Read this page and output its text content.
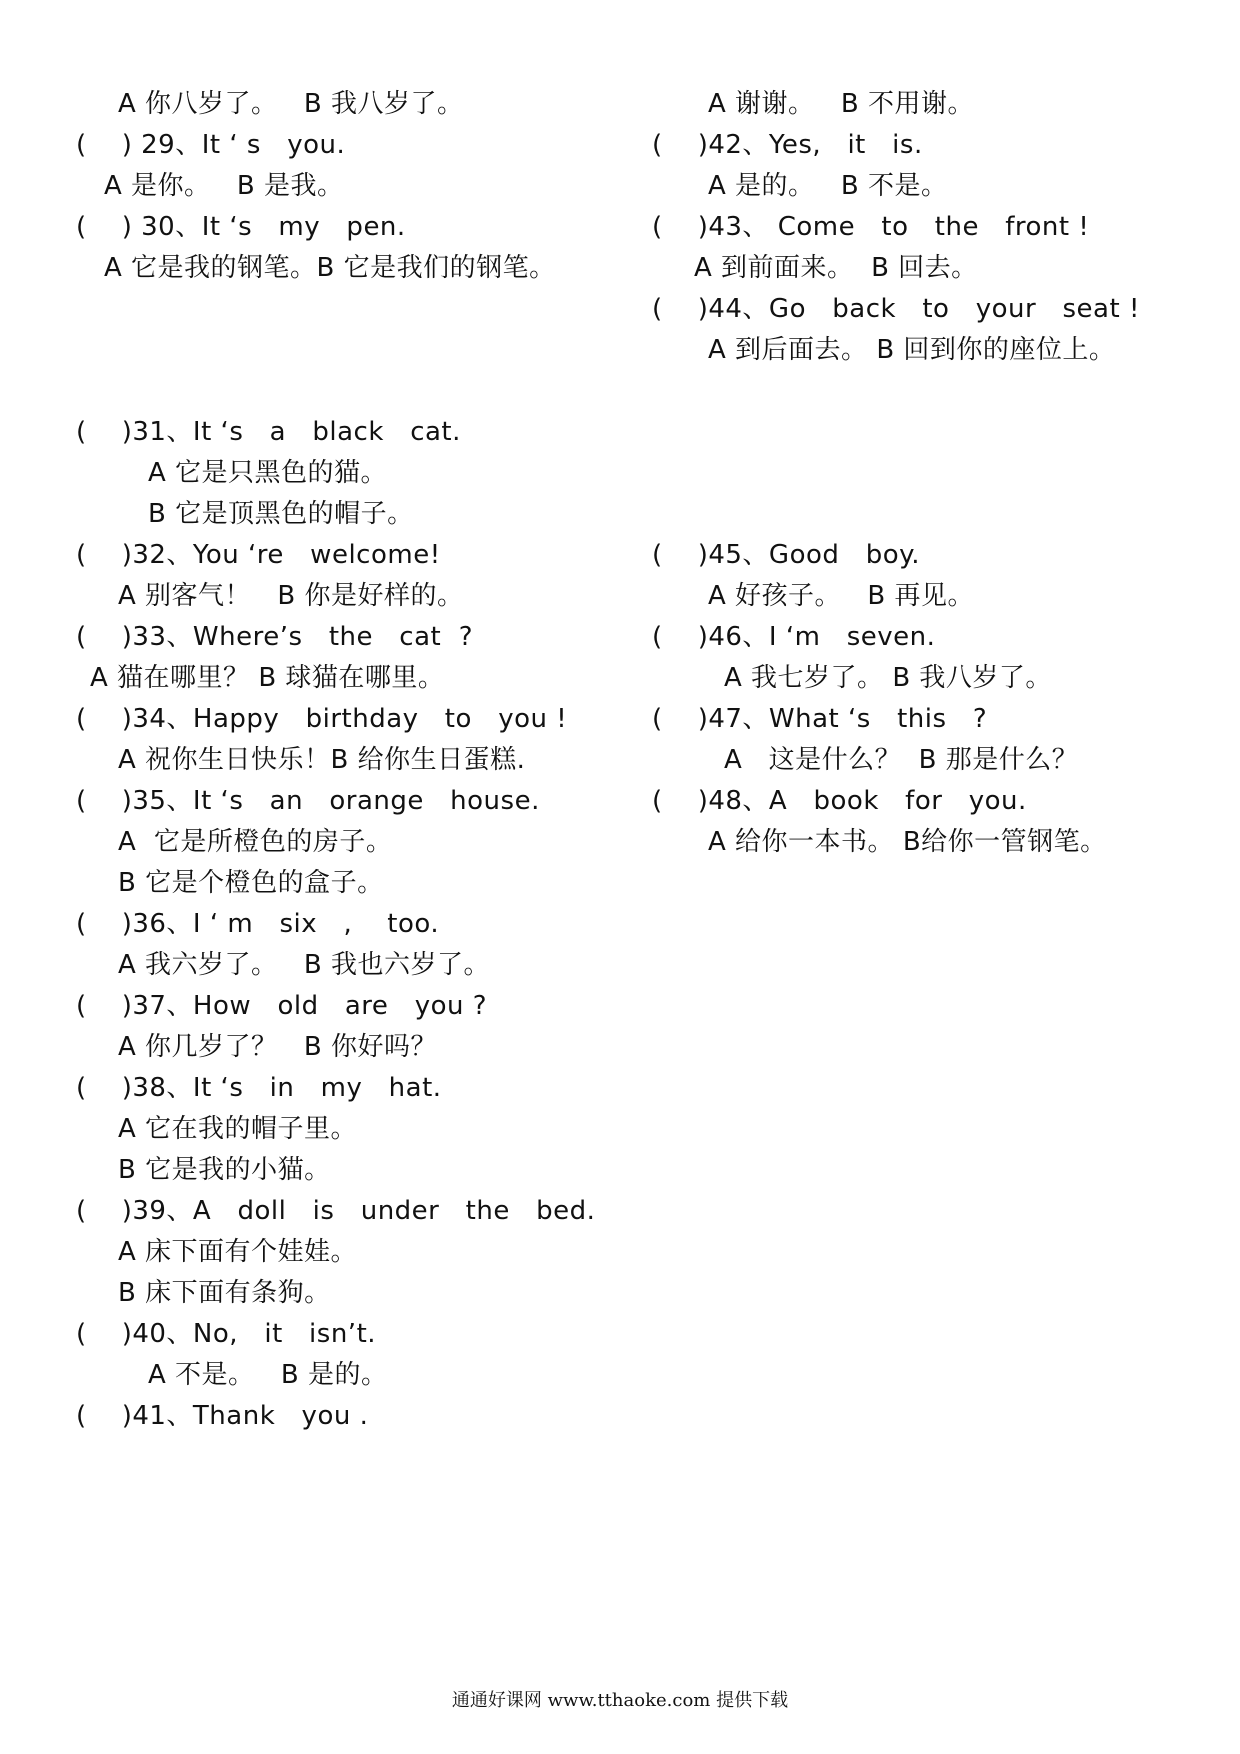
A 你八岁了。   B 我八岁了。
(    ) 29、It ‘ s   you.
A 是你。   B 是我。
(    ) 30、It ‘s   my   pen.
A 它是我的钢笔。B 它是我们的钢笔。
(    )31、It ‘s   a   black   cat.
A 它是只黑色的猫。
B 它是顶黑色的帽子。
(    )32、You ‘re   welcome!
A 别客气！   B 你是好样的。
(    )33、Where’s   the   cat  ?
A 猫在哪里？ B 球猫在哪里。
(    )34、Happy   birthday   to   you !
A 祝你生日快乐！B 给你生日蛋糕.
(    )35、It ‘s   an   orange   house.
A  它是所橙色的房子。
B 它是个橙色的盒子。
(    )36、I ‘ m   six   ,    too.
A 我六岁了。   B 我也六岁了。
(    )37、How   old   are   you ?
A 你几岁了？   B 你好吗？
(    )38、It ‘s   in   my   hat.
A 它在我的帽子里。
B 它是我的小猫。
(    )39、A   doll   is   under   the   bed.
A 床下面有个娃娃。
B 床下面有条狗。
(    )40、No,   it   isn’t.
A 不是。   B 是的。
(    )41、Thank   you .
A 谢谢。   B 不用谢。
(    )42、Yes,   it   is.
A 是的。   B 不是。
(    )43、 Come   to   the   front !
A 到前面来。  B 回去。
(    )44、Go   back   to   your   seat !
A 到后面去。 B 回到你的座位上。
(    )45、Good   boy.
A 好孩子。   B 再见。
(    )46、I ‘m   seven.
A 我七岁了。 B 我八岁了。
(    )47、What ‘s   this   ?
A   这是什么？  B 那是什么？
(    )48、A   book   for   you.
A 给你一本书。 B给你一管钢笔。
通通好课网 www.tthaoke.com 提供下载
